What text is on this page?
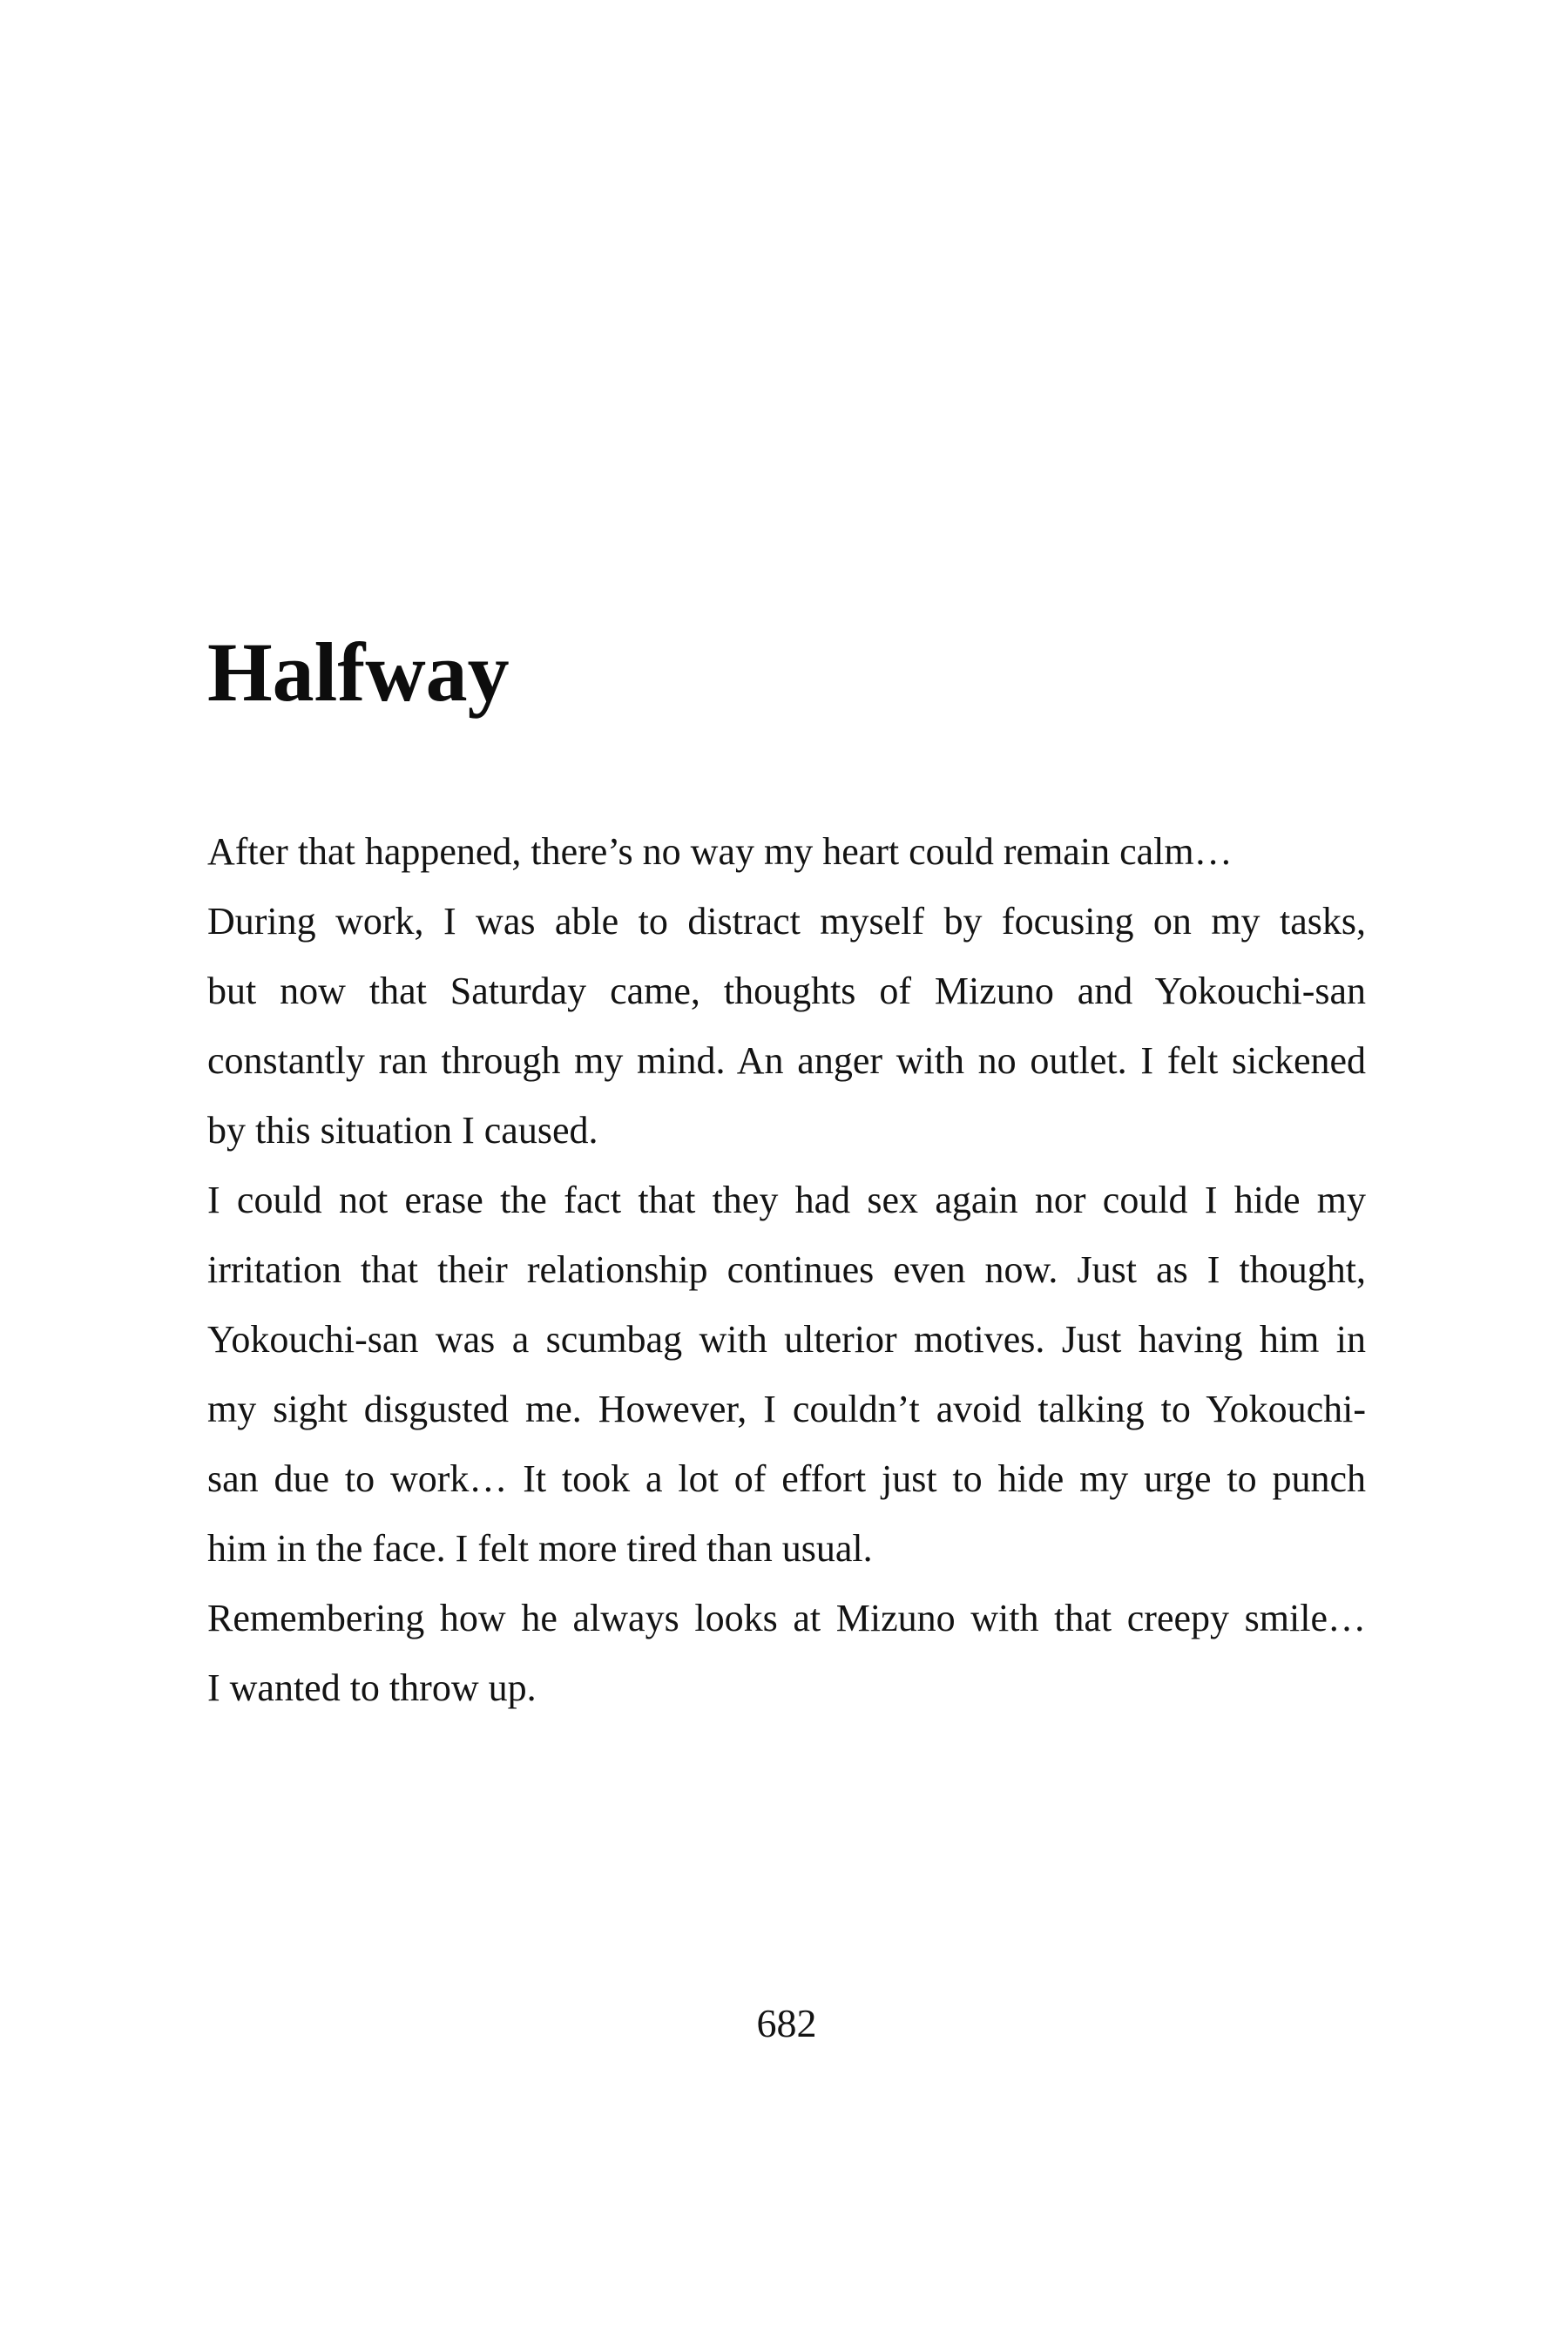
Halfway
After that happened, there’s no way my heart could remain calm…
During work, I was able to distract myself by focusing on my tasks,
but now that Saturday came, thoughts of Mizuno and Yokouchi-san
constantly ran through my mind. An anger with no outlet. I felt sickened
by this situation I caused.
I could not erase the fact that they had sex again nor could I hide my
irritation that their relationship continues even now. Just as I thought,
Yokouchi-san was a scumbag with ulterior motives. Just having him in
my sight disgusted me. However, I couldn’t avoid talking to Yokouchi-
san due to work… It took a lot of effort just to hide my urge to punch
him in the face. I felt more tired than usual.
Remembering how he always looks at Mizuno with that creepy smile…
I wanted to throw up.
682
